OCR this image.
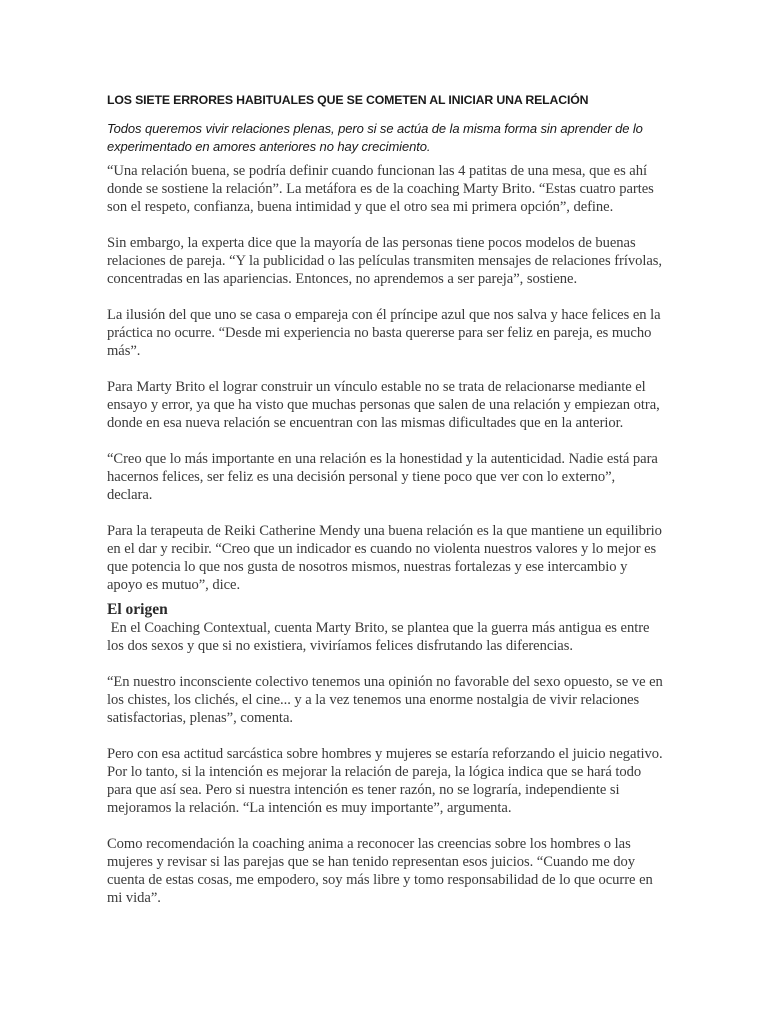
LOS SIETE ERRORES HABITUALES QUE SE COMETEN AL INICIAR UNA RELACIÓN
Todos queremos vivir relaciones plenas, pero si se actúa de la misma forma sin aprender de lo experimentado en amores anteriores no hay crecimiento.
“Una relación buena, se podría definir cuando funcionan las 4 patitas de una mesa, que es ahí donde se sostiene la relación”. La metáfora es de la coaching Marty Brito. “Estas cuatro partes son el respeto, confianza, buena intimidad y que el otro sea mi primera opción”, define.
Sin embargo, la experta dice que la mayoría de las personas tiene pocos modelos de buenas relaciones de pareja. “Y la publicidad o las películas transmiten mensajes de relaciones frívolas, concentradas en las apariencias. Entonces, no aprendemos a ser pareja”, sostiene.
La ilusión del que uno se casa o empareja con él príncipe azul que nos salva y hace felices en la práctica no ocurre. “Desde mi experiencia no basta quererse para ser feliz en pareja, es mucho más”.
Para Marty Brito el lograr construir un vínculo estable no se trata de relacionarse mediante el ensayo y error, ya que ha visto que muchas personas que salen de una relación y empiezan otra, donde en esa nueva relación se encuentran con las mismas dificultades que en la anterior.
“Creo que lo más importante en una relación es la honestidad y la autenticidad. Nadie está para hacernos felices, ser feliz es una decisión personal y tiene poco que ver con lo externo”, declara.
Para la terapeuta de Reiki Catherine Mendy una buena relación es la que mantiene un equilibrio en el dar y recibir. “Creo que un indicador es cuando no violenta nuestros valores y lo mejor es que potencia lo que nos gusta de nosotros mismos, nuestras fortalezas y ese intercambio y apoyo es mutuo”, dice.
El origen
En el Coaching Contextual, cuenta Marty Brito, se plantea que la guerra más antigua es entre los dos sexos y que si no existiera, viviríamos felices disfrutando las diferencias.
“En nuestro inconsciente colectivo tenemos una opinión no favorable del sexo opuesto, se ve en los chistes, los clichés, el cine... y a la vez tenemos una enorme nostalgia de vivir relaciones satisfactorias, plenas”, comenta.
Pero con esa actitud sarcástica sobre hombres y mujeres se estaría reforzando el juicio negativo. Por lo tanto, si la intención es mejorar la relación de pareja, la lógica indica que se hará todo para que así sea. Pero si nuestra intención es tener razón, no se lograría, independiente si mejoramos la relación. “La intención es muy importante”, argumenta.
Como recomendación la coaching anima a reconocer las creencias sobre los hombres o las mujeres y revisar si las parejas que se han tenido representan esos juicios. “Cuando me doy cuenta de estas cosas, me empodero, soy más libre y tomo responsabilidad de lo que ocurre en mi vida”.
